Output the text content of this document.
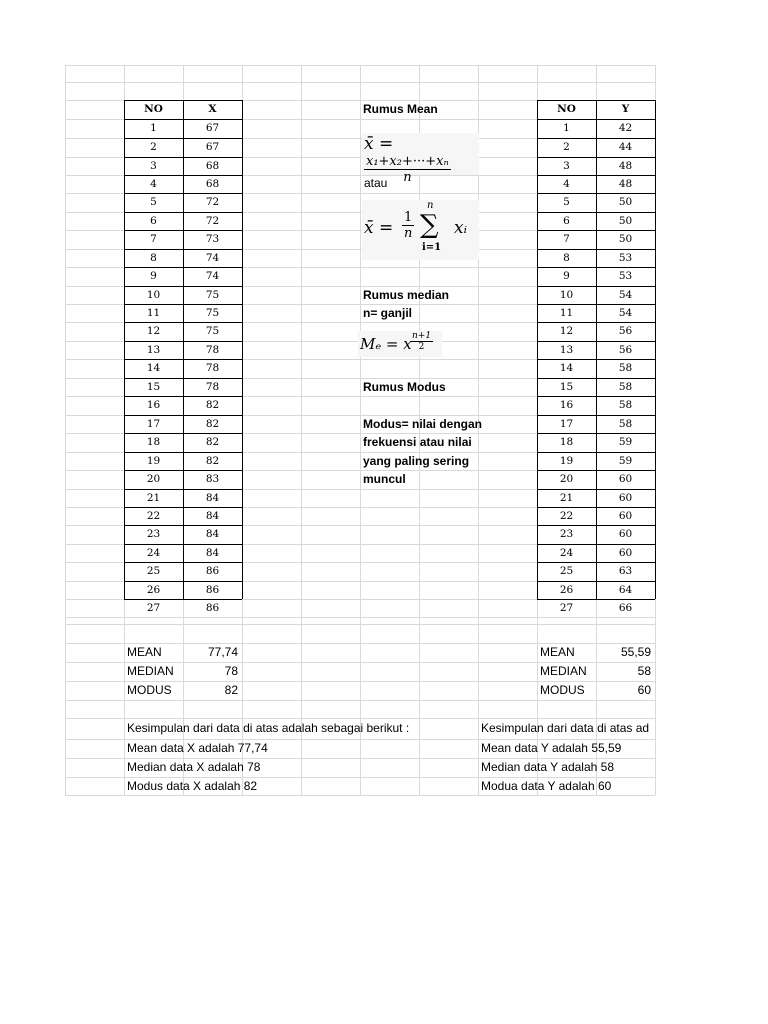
NO	X
1	67
2	67
3	68
4	68
5	72
6	72
7	73
8	74
9	74
10	75
11	75
12	75
13	78
14	78
15	78
16	82
17	82
18	82
19	82
20	83
21	84
22	84
23	84
24	84
25	86
26	86
27	86
NO	Y
1	42
2	44
3	48
4	48
5	50
6	50
7	50
8	53
9	53
10	54
11	54
12	56
13	56
14	58
15	58
16	58
17	58
18	59
19	59
20	60
21	60
22	60
23	60
24	60
25	63
26	64
27	66
MEAN	77,74
MEDIAN	78
MODUS	82
MEAN	55,59
MEDIAN	58
MODUS	60
Rumus Mean
Rumus median
n= ganjil
Rumus Modus
Modus= nilai dengan
frekuensi atau nilai
yang paling sering
muncul
Kesimpulan dari data di atas adalah sebagai berikut :
Mean data X adalah 77,74
Median data X adalah 78
Modus data X adalah 82
Kesimpulan dari data di atas ad
Mean data Y adalah 55,59
Median data Y adalah 58
Modua data Y adalah 60
x̄ =
$\frac{\text{x₁+x₂+···+xₙ}}{n}$
x̄ = $\frac{1}{n}$
n
∑
i=1
xᵢ
Mₑ = x
$\frac{n+1}{2}$
